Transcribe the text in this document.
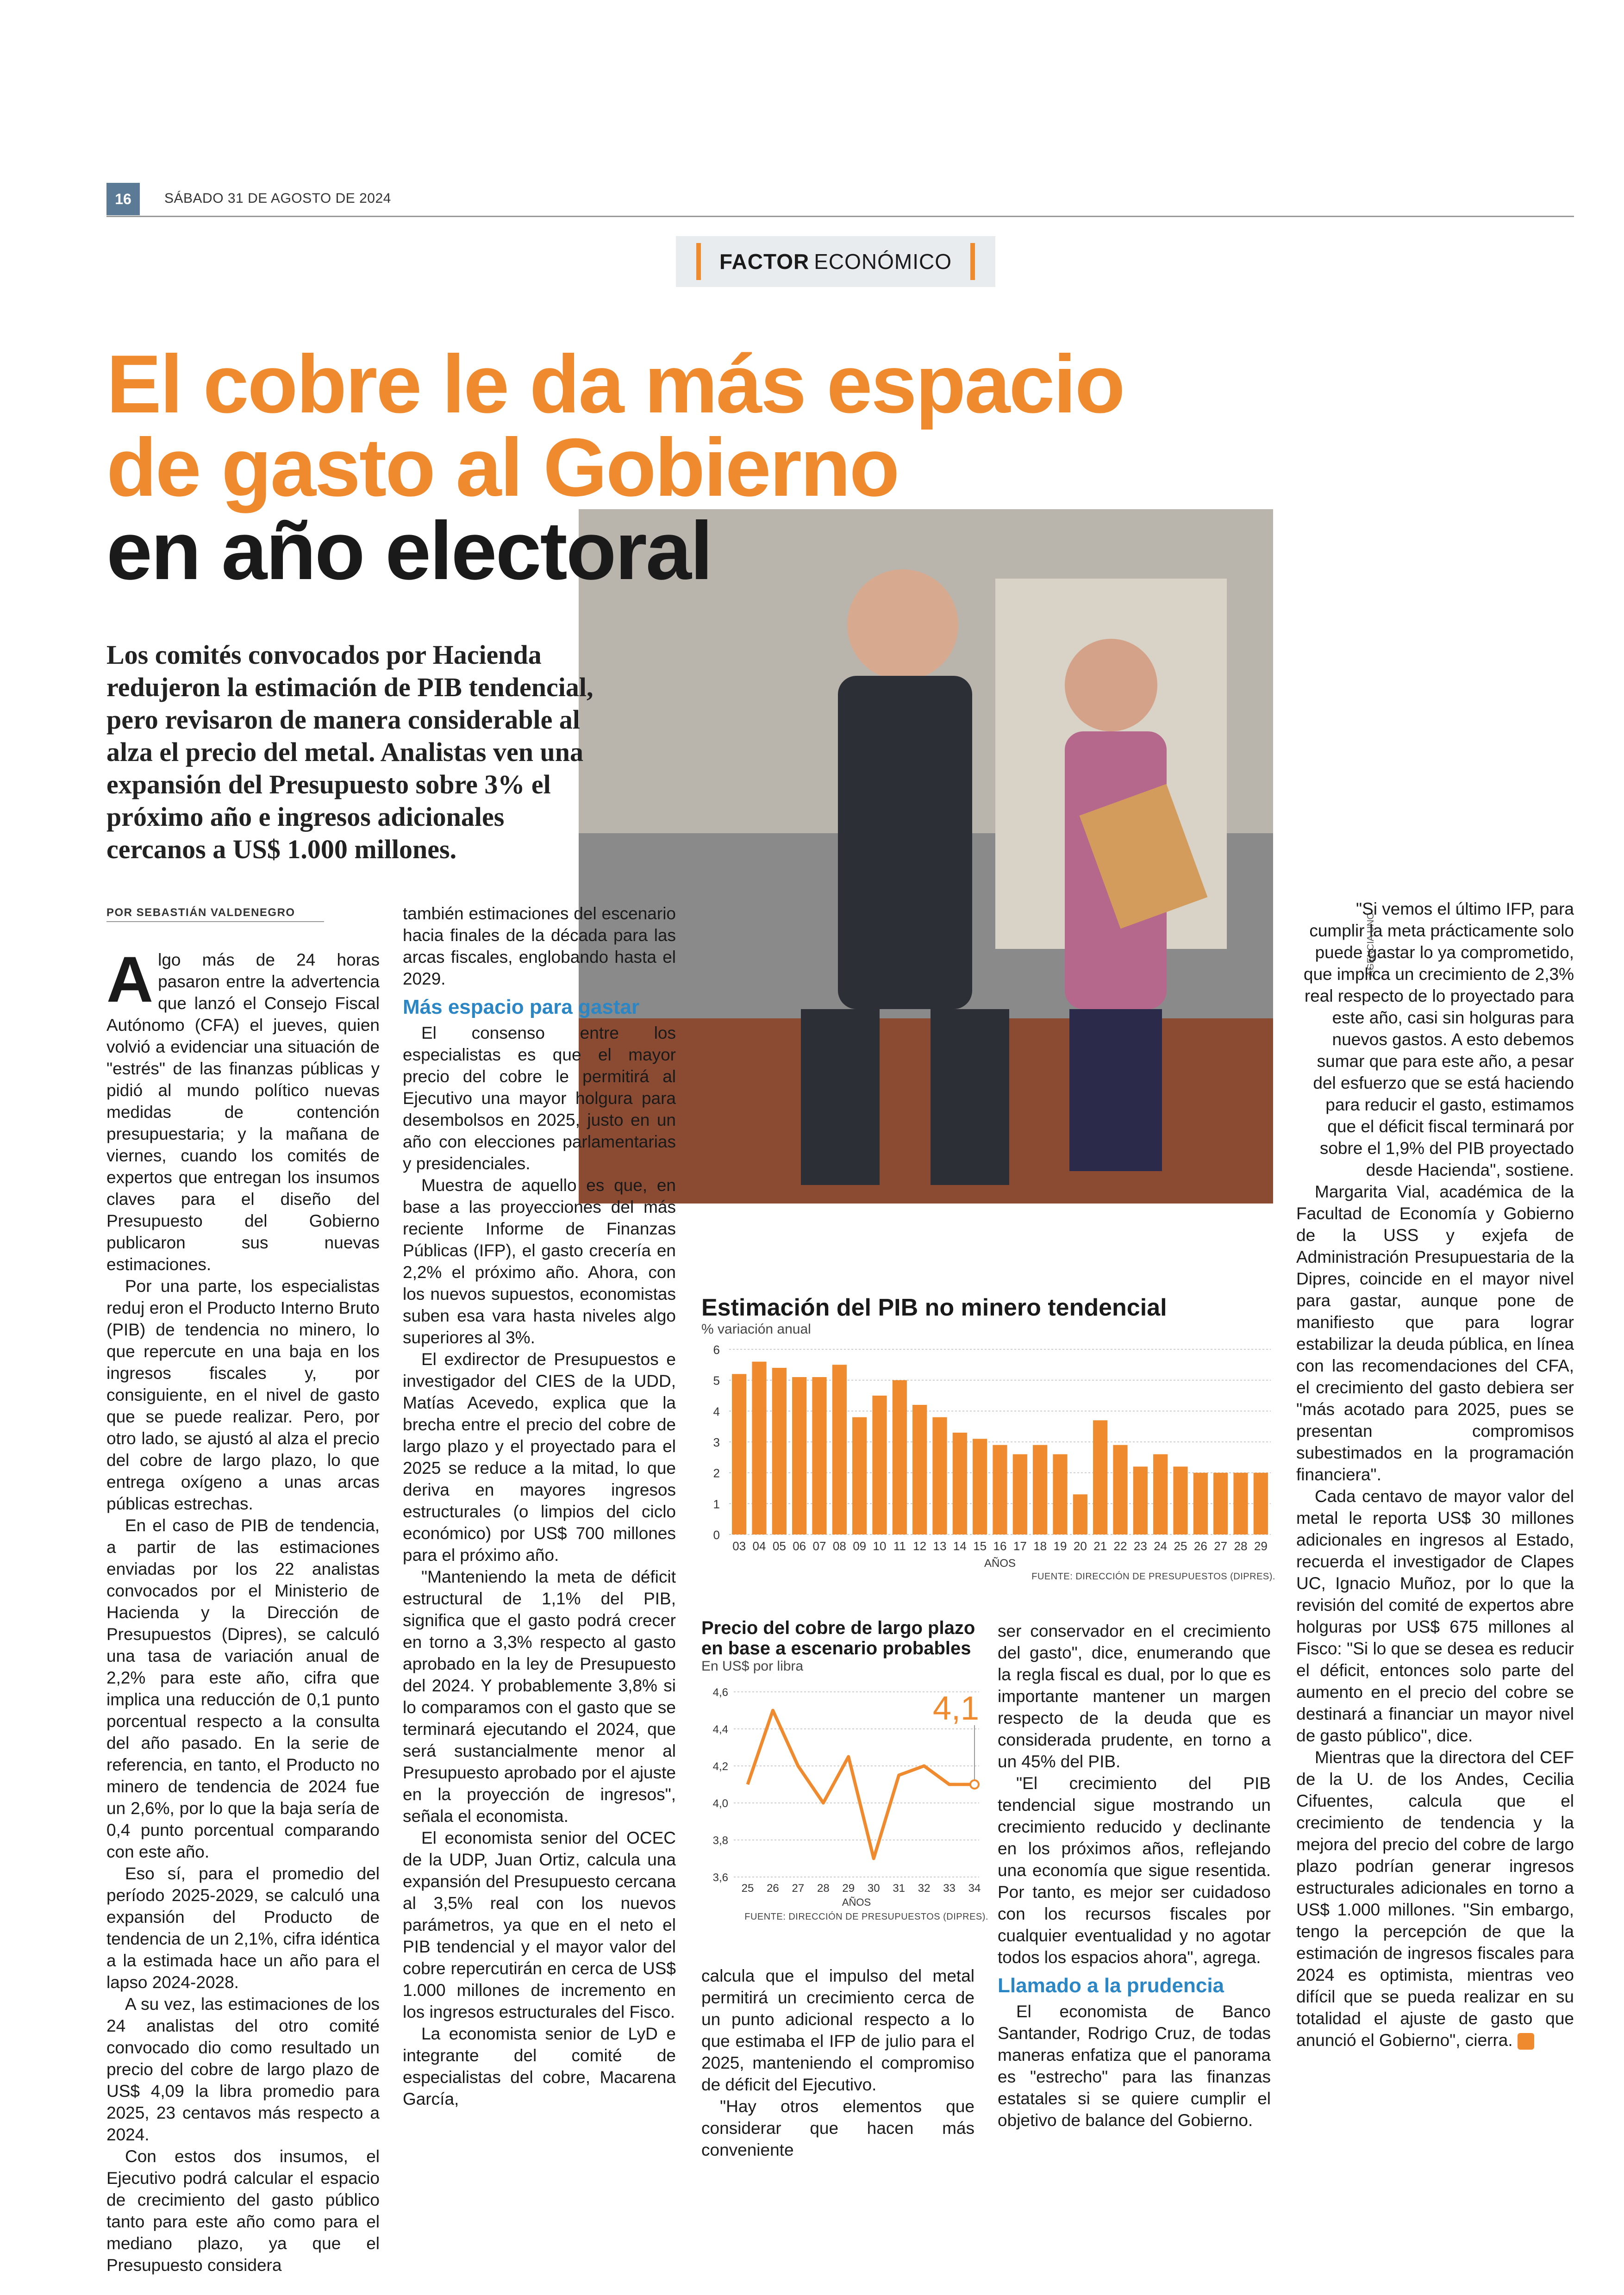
16	SÁBADO 31 DE AGOSTO DE 2024
FACTOR ECONÓMICO
AGENCIA UNO
El cobre le da más espacio
de gasto al Gobierno
en año electoral
Los comités convocados por Hacienda redujeron la estimación de PIB tendencial, pero revisaron de manera considerable al alza el precio del metal. Analistas ven una expansión del Presupuesto sobre 3% el próximo año e ingresos adicionales cercanos a US$ 1.000 millones.
POR SEBASTIÁN VALDENEGRO

Algo más de 24 horas pasaron entre la advertencia que lanzó el Consejo Fiscal Autónomo (CFA) el jueves, quien volvió a evidenciar una situación de "estrés" de las finanzas públicas y pidió al mundo político nuevas medidas de contención presupuestaria; y la mañana de viernes, cuando los comités de expertos que entregan los insumos claves para el diseño del Presupuesto del Gobierno publicaron sus nuevas estimaciones.

Por una parte, los especialistas reduj eron el Producto Interno Bruto (PIB) de tendencia no minero, lo que repercute en una baja en los ingresos fiscales y, por consiguiente, en el nivel de gasto que se puede realizar. Pero, por otro lado, se ajustó al alza el precio del cobre de largo plazo, lo que entrega oxígeno a unas arcas públicas estrechas.

En el caso de PIB de tendencia, a partir de las estimaciones enviadas por los 22 analistas convocados por el Ministerio de Hacienda y la Dirección de Presupuestos (Dipres), se calculó una tasa de variación anual de 2,2% para este año, cifra que implica una reducción de 0,1 punto porcentual respecto a la consulta del año pasado. En la serie de referencia, en tanto, el Producto no minero de tendencia de 2024 fue un 2,6%, por lo que la baja sería de 0,4 punto porcentual comparando con este año.

Eso sí, para el promedio del período 2025-2029, se calculó una expansión del Producto de tendencia de un 2,1%, cifra idéntica a la estimada hace un año para el lapso 2024-2028.

A su vez, las estimaciones de los 24 analistas del otro comité convocado dio como resultado un precio del cobre de largo plazo de US$ 4,09 la libra promedio para 2025, 23 centavos más respecto a 2024.

Con estos dos insumos, el Ejecutivo podrá calcular el espacio de crecimiento del gasto público tanto para este año como para el mediano plazo, ya que el Presupuesto considera

también estimaciones del escenario hacia finales de la década para las arcas fiscales, englobando hasta el 2029.

Más espacio para gastar

El consenso entre los especialistas es que el mayor precio del cobre le permitirá al Ejecutivo una mayor holgura para desembolsos en 2025, justo en un año con elecciones parlamentarias y presidenciales.

Muestra de aquello es que, en base a las proyecciones del más reciente Informe de Finanzas Públicas (IFP), el gasto crecería en 2,2% el próximo año. Ahora, con los nuevos supuestos, economistas suben esa vara hasta niveles algo superiores al 3%.

El exdirector de Presupuestos e investigador del CIES de la UDD, Matías Acevedo, explica que la brecha entre el precio del cobre de largo plazo y el proyectado para el 2025 se reduce a la mitad, lo que deriva en mayores ingresos estructurales (o limpios del ciclo económico) por US$ 700 millones para el próximo año.

"Manteniendo la meta de déficit estructural de 1,1% del PIB, significa que el gasto podrá crecer en torno a 3,3% respecto al gasto aprobado en la ley de Presupuesto del 2024. Y probablemente 3,8% si lo comparamos con el gasto que se terminará ejecutando el 2024, que será sustancialmente menor al Presupuesto aprobado por el ajuste en la proyección de ingresos", señala el economista.

El economista senior del OCEC de la UDP, Juan Ortiz, calcula una expansión del Presupuesto cercana al 3,5% real con los nuevos parámetros, ya que en el neto el PIB tendencial y el mayor valor del cobre repercutirán en cerca de US$ 1.000 millones de incremento en los ingresos estructurales del Fisco.

La economista senior de LyD e integrante del comité de especialistas del cobre, Macarena García,

Estimación del PIB no minero tendencial
% variación anual
0
1
2
3
4
5
6
03 04 05 06 07 08 09 10 11 12 13 14 15 16 17 18 19 20 21 22 23 24 25 26 27 28 29
AÑOS
FUENTE: DIRECCIÓN DE PRESUPUESTOS (DIPRES).
Precio del cobre de largo plazo en base a escenario probables
En US$ por libra
3,6
3,8
4,0
4,2
4,4
4,6
25 26 27 28 29 30 31 32 33 34
AÑOS
4,1
FUENTE: DIRECCIÓN DE PRESUPUESTOS (DIPRES).

calcula que el impulso del metal permitirá un crecimiento cerca de un punto adicional respecto a lo que estimaba el IFP de julio para el 2025, manteniendo el compromiso de déficit del Ejecutivo.

"Hay otros elementos que considerar que hacen más conveniente

ser conservador en el crecimiento del gasto", dice, enumerando que la regla fiscal es dual, por lo que es importante mantener un margen respecto de la deuda que es considerada prudente, en torno a un 45% del PIB.

"El crecimiento del PIB tendencial sigue mostrando un crecimiento reducido y declinante en los próximos años, reflejando una economía que sigue resentida. Por tanto, es mejor ser cuidadoso con los recursos fiscales por cualquier eventualidad y no agotar todos los espacios ahora", agrega.

Llamado a la prudencia

El economista de Banco Santander, Rodrigo Cruz, de todas maneras enfatiza que el panorama es "estrecho" para las finanzas estatales si se quiere cumplir el objetivo de balance del Gobierno.

"Si vemos el último IFP, para cumplir la meta prácticamente solo puede gastar lo ya comprometido, que implica un crecimiento de 2,3% real respecto de lo proyectado para este año, casi sin holguras para nuevos gastos. A esto debemos sumar que para este año, a pesar del esfuerzo que se está haciendo para reducir el gasto, estimamos que el déficit fiscal terminará por sobre el 1,9% del PIB proyectado desde Hacienda", sostiene.

Margarita Vial, académica de la Facultad de Economía y Gobierno de la USS y exjefa de Administración Presupuestaria de la Dipres, coincide en el mayor nivel para gastar, aunque pone de manifiesto que para lograr estabilizar la deuda pública, en línea con las recomendaciones del CFA, el crecimiento del gasto debiera ser "más acotado para 2025, pues se presentan compromisos subestimados en la programación financiera".

Cada centavo de mayor valor del metal le reporta US$ 30 millones adicionales en ingresos al Estado, recuerda el investigador de Clapes UC, Ignacio Muñoz, por lo que la revisión del comité de expertos abre holguras por US$ 675 millones al Fisco: "Si lo que se desea es reducir el déficit, entonces solo parte del aumento en el precio del cobre se destinará a financiar un mayor nivel de gasto público", dice.

Mientras que la directora del CEF de la U. de los Andes, Cecilia Cifuentes, calcula que el crecimiento de tendencia y la mejora del precio del cobre de largo plazo podrían generar ingresos estructurales adicionales en torno a US$ 1.000 millones. "Sin embargo, tengo la percepción de que la estimación de ingresos fiscales para 2024 es optimista, mientras veo difícil que se pueda realizar en su totalidad el ajuste de gasto que anunció el Gobierno", cierra.
